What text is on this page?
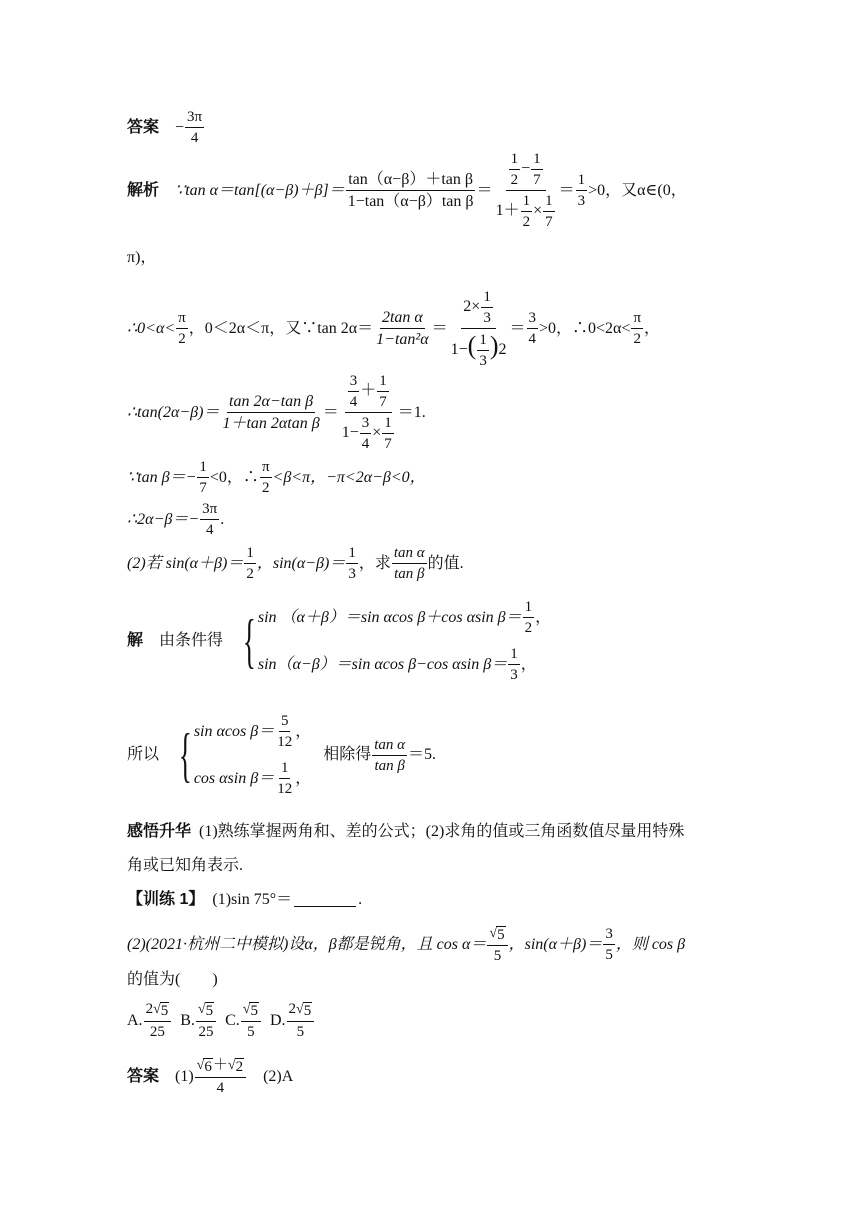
答案 − $\frac{3\pi}{4}$
解析 ∵tan $\alpha=\tan[(\alpha-\beta)+\beta]= \frac{\text{tan（α−β）＋tan β}}{\text{1−tan（α−β）tan β}} = \frac{\frac{1}{2} - \frac{1}{7}}{1+ \frac{1}{2} \times \frac{1}{7}} = \frac{1}{3} >0$，又α∈(0，
π)，
∴0<α< $\frac{\pi}{2}$ ，0＜2α＜π，又∵tan $2\alpha= \frac{\text{2tan α}}{\text{1−tan²α}} = \frac{2\times \frac{1}{3}}{1-( \frac{1}{3} )2} = \frac{3}{4} >0$，∴0<2α< $\frac{\pi}{2}$ ，
∴tan(2α−β)＝ $\frac{\text{tan 2α−tan β}}{\text{1＋tan 2αtan β}} = \frac{\frac{3}{4} + \frac{1}{7}}{1- \frac{3}{4} \times \frac{1}{7}} =1$.
∵tan $\beta=- \frac{1}{7} <0$，∴ $\frac{\pi}{2} <\beta<\pi$，−π<2α−β<0，
∴2α−β＝− $\frac{3\pi}{4}$ .
(2)若 $\sin(\alpha+\beta)= \frac{1}{2}$ ，$\sin(\alpha-\beta)= \frac{1}{3}$ ，求 $\frac{\text{tan α}}{\text{tan β}}$ 的值.
解 由条件得 { sin （α＋β）＝sin αcos β＋cos αsin $\beta= \frac{1}{2}$ ，
sin（α−β）＝sin αcos β−cos αsin $\beta= \frac{1}{3}$ ，
所以 { sin αcos $\beta= \frac{5}{12}$ ，
cos αsin $\beta= \frac{1}{12}$ ，
相除得 $\frac{\text{tan α}}{\text{tan β}} =5$.
感悟升华 (1)熟练掌握两角和、差的公式；(2)求角的值或三角函数值尽量用特殊
角或已知角表示.
【训练 1】 (1)sin 75°＝	.
(2)(2021·杭州二中模拟)设α，β都是锐角，且 $\cos \alpha= \frac{√ 5}{5}$ ，$\sin(\alpha+\beta)= \frac{3}{5}$ ，则 cos β
的值为(　　)
A. $\frac{2 √ 5}{25} B$. $\frac{√ 5}{25} C$. $\frac{√ 5}{5} D$. $\frac{2 √ 5}{5}$
答案 $(1) \frac{√ 6 + √ 2}{4} (2)A$
